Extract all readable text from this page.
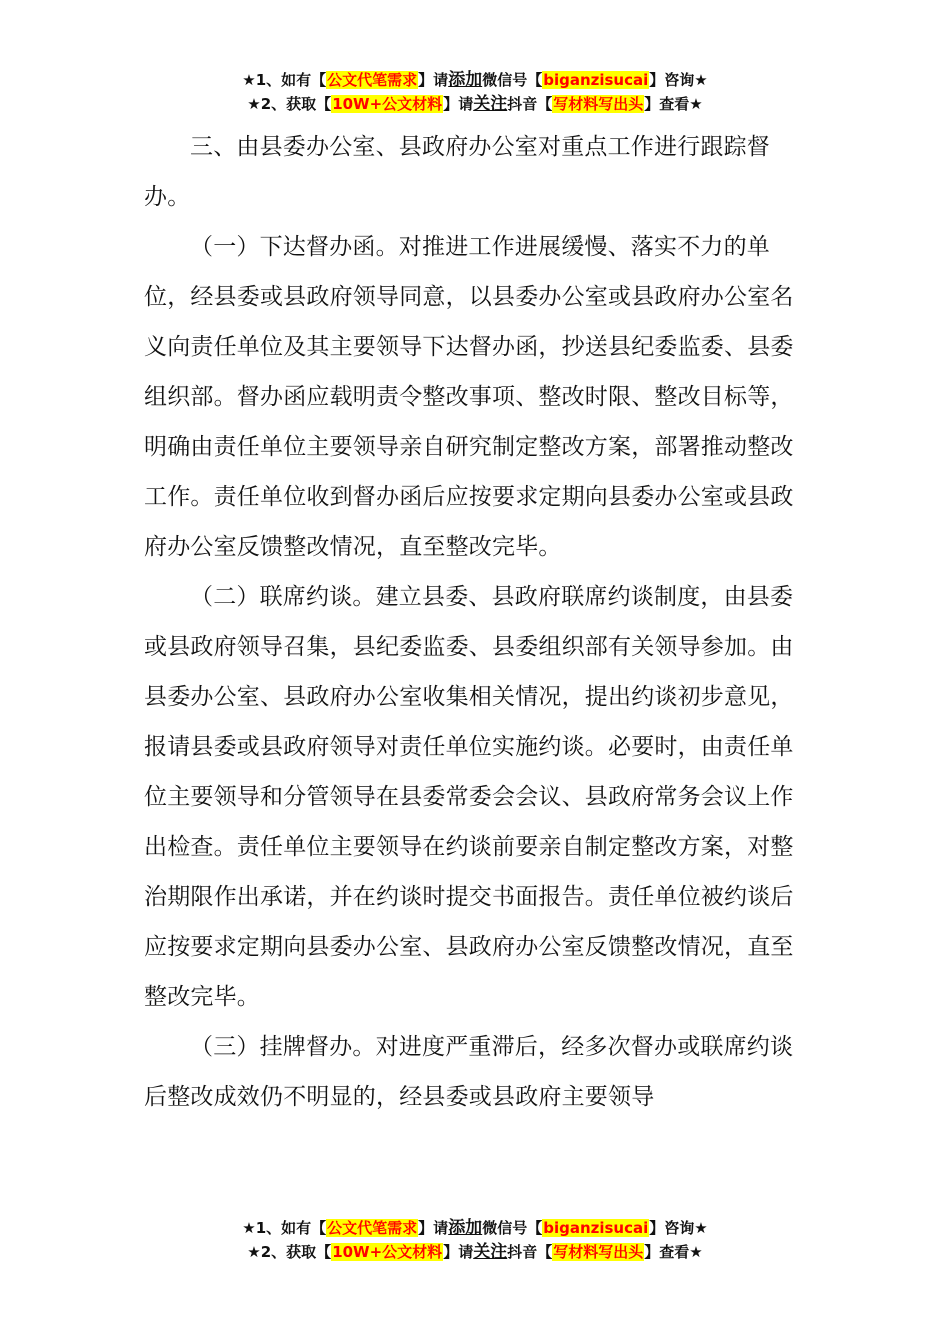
★1、如有【公文代笔需求】请添加微信号【biganzisucai】咨询★
★2、获取【10W+公文材料】请关注抖音【写材料写出头】查看★

三、由县委办公室、县政府办公室对重点工作进行跟踪督办。

（一）下达督办函。对推进工作进展缓慢、落实不力的单位，经县委或县政府领导同意，以县委办公室或县政府办公室名义向责任单位及其主要领导下达督办函，抄送县纪委监委、县委组织部。督办函应载明责令整改事项、整改时限、整改目标等，明确由责任单位主要领导亲自研究制定整改方案，部署推动整改工作。责任单位收到督办函后应按要求定期向县委办公室或县政府办公室反馈整改情况，直至整改完毕。

（二）联席约谈。建立县委、县政府联席约谈制度，由县委或县政府领导召集，县纪委监委、县委组织部有关领导参加。由县委办公室、县政府办公室收集相关情况，提出约谈初步意见，报请县委或县政府领导对责任单位实施约谈。必要时，由责任单位主要领导和分管领导在县委常委会会议、县政府常务会议上作出检查。责任单位主要领导在约谈前要亲自制定整改方案，对整治期限作出承诺，并在约谈时提交书面报告。责任单位被约谈后应按要求定期向县委办公室、县政府办公室反馈整改情况，直至整改完毕。

（三）挂牌督办。对进度严重滞后，经多次督办或联席约谈后整改成效仍不明显的，经县委或县政府主要领导

★1、如有【公文代笔需求】请添加微信号【biganzisucai】咨询★
★2、获取【10W+公文材料】请关注抖音【写材料写出头】查看★
